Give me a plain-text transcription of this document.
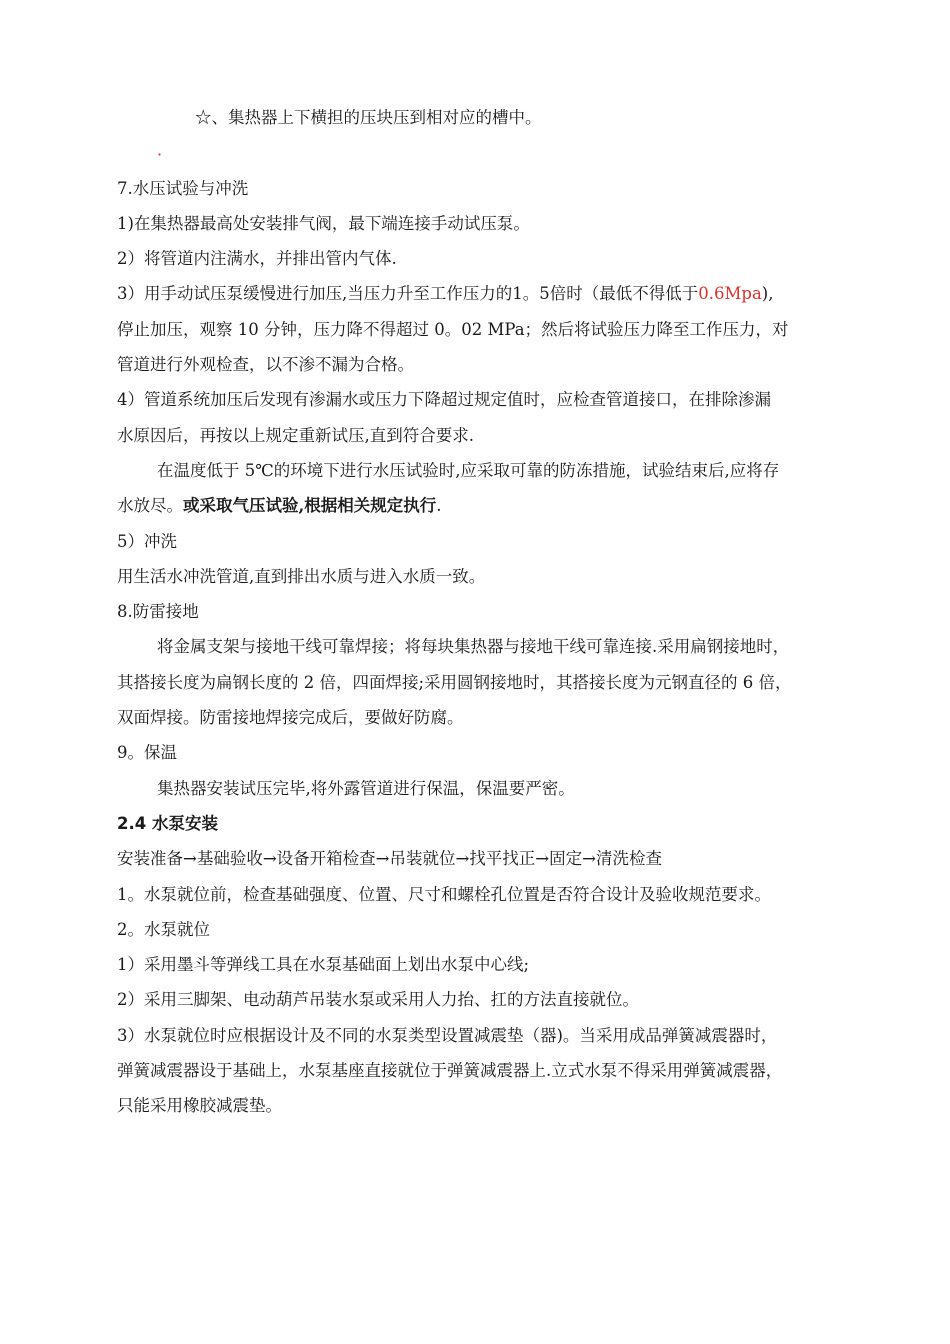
☆、集热器上下横担的压块压到相对应的槽中。

·

7.水压试验与冲洗

1)在集热器最高处安装排气阀，最下端连接手动试压泵。

2）将管道内注满水，并排出管内气体.

3）用手动试压泵缓慢进行加压,当压力升至工作压力的1。5倍时（最低不得低于0.6Mpa),

停止加压，观察 10 分钟，压力降不得超过 0。02 MPa；然后将试验压力降至工作压力，对

管道进行外观检查，以不渗不漏为合格。

4）管道系统加压后发现有渗漏水或压力下降超过规定值时，应检查管道接口，在排除渗漏

水原因后，再按以上规定重新试压,直到符合要求.

在温度低于 5℃的环境下进行水压试验时,应采取可靠的防冻措施，试验结束后,应将存

水放尽。或采取气压试验,根据相关规定执行.

5）冲洗

用生活水冲洗管道,直到排出水质与进入水质一致。

8.防雷接地

将金属支架与接地干线可靠焊接；将每块集热器与接地干线可靠连接.采用扁钢接地时，

其搭接长度为扁钢长度的 2 倍，四面焊接;采用圆钢接地时，其搭接长度为元钢直径的 6 倍，

双面焊接。防雷接地焊接完成后，要做好防腐。

9。保温

集热器安装试压完毕,将外露管道进行保温，保温要严密。

2.4 水泵安装

安装准备→基础验收→设备开箱检查→吊装就位→找平找正→固定→清洗检查

1。水泵就位前，检查基础强度、位置、尺寸和螺栓孔位置是否符合设计及验收规范要求。

2。水泵就位

1）采用墨斗等弹线工具在水泵基础面上划出水泵中心线;

2）采用三脚架、电动葫芦吊装水泵或采用人力抬、扛的方法直接就位。

3）水泵就位时应根据设计及不同的水泵类型设置减震垫（器)。当采用成品弹簧减震器时，

弹簧减震器设于基础上，水泵基座直接就位于弹簧减震器上.立式水泵不得采用弹簧减震器，

只能采用橡胶减震垫。
